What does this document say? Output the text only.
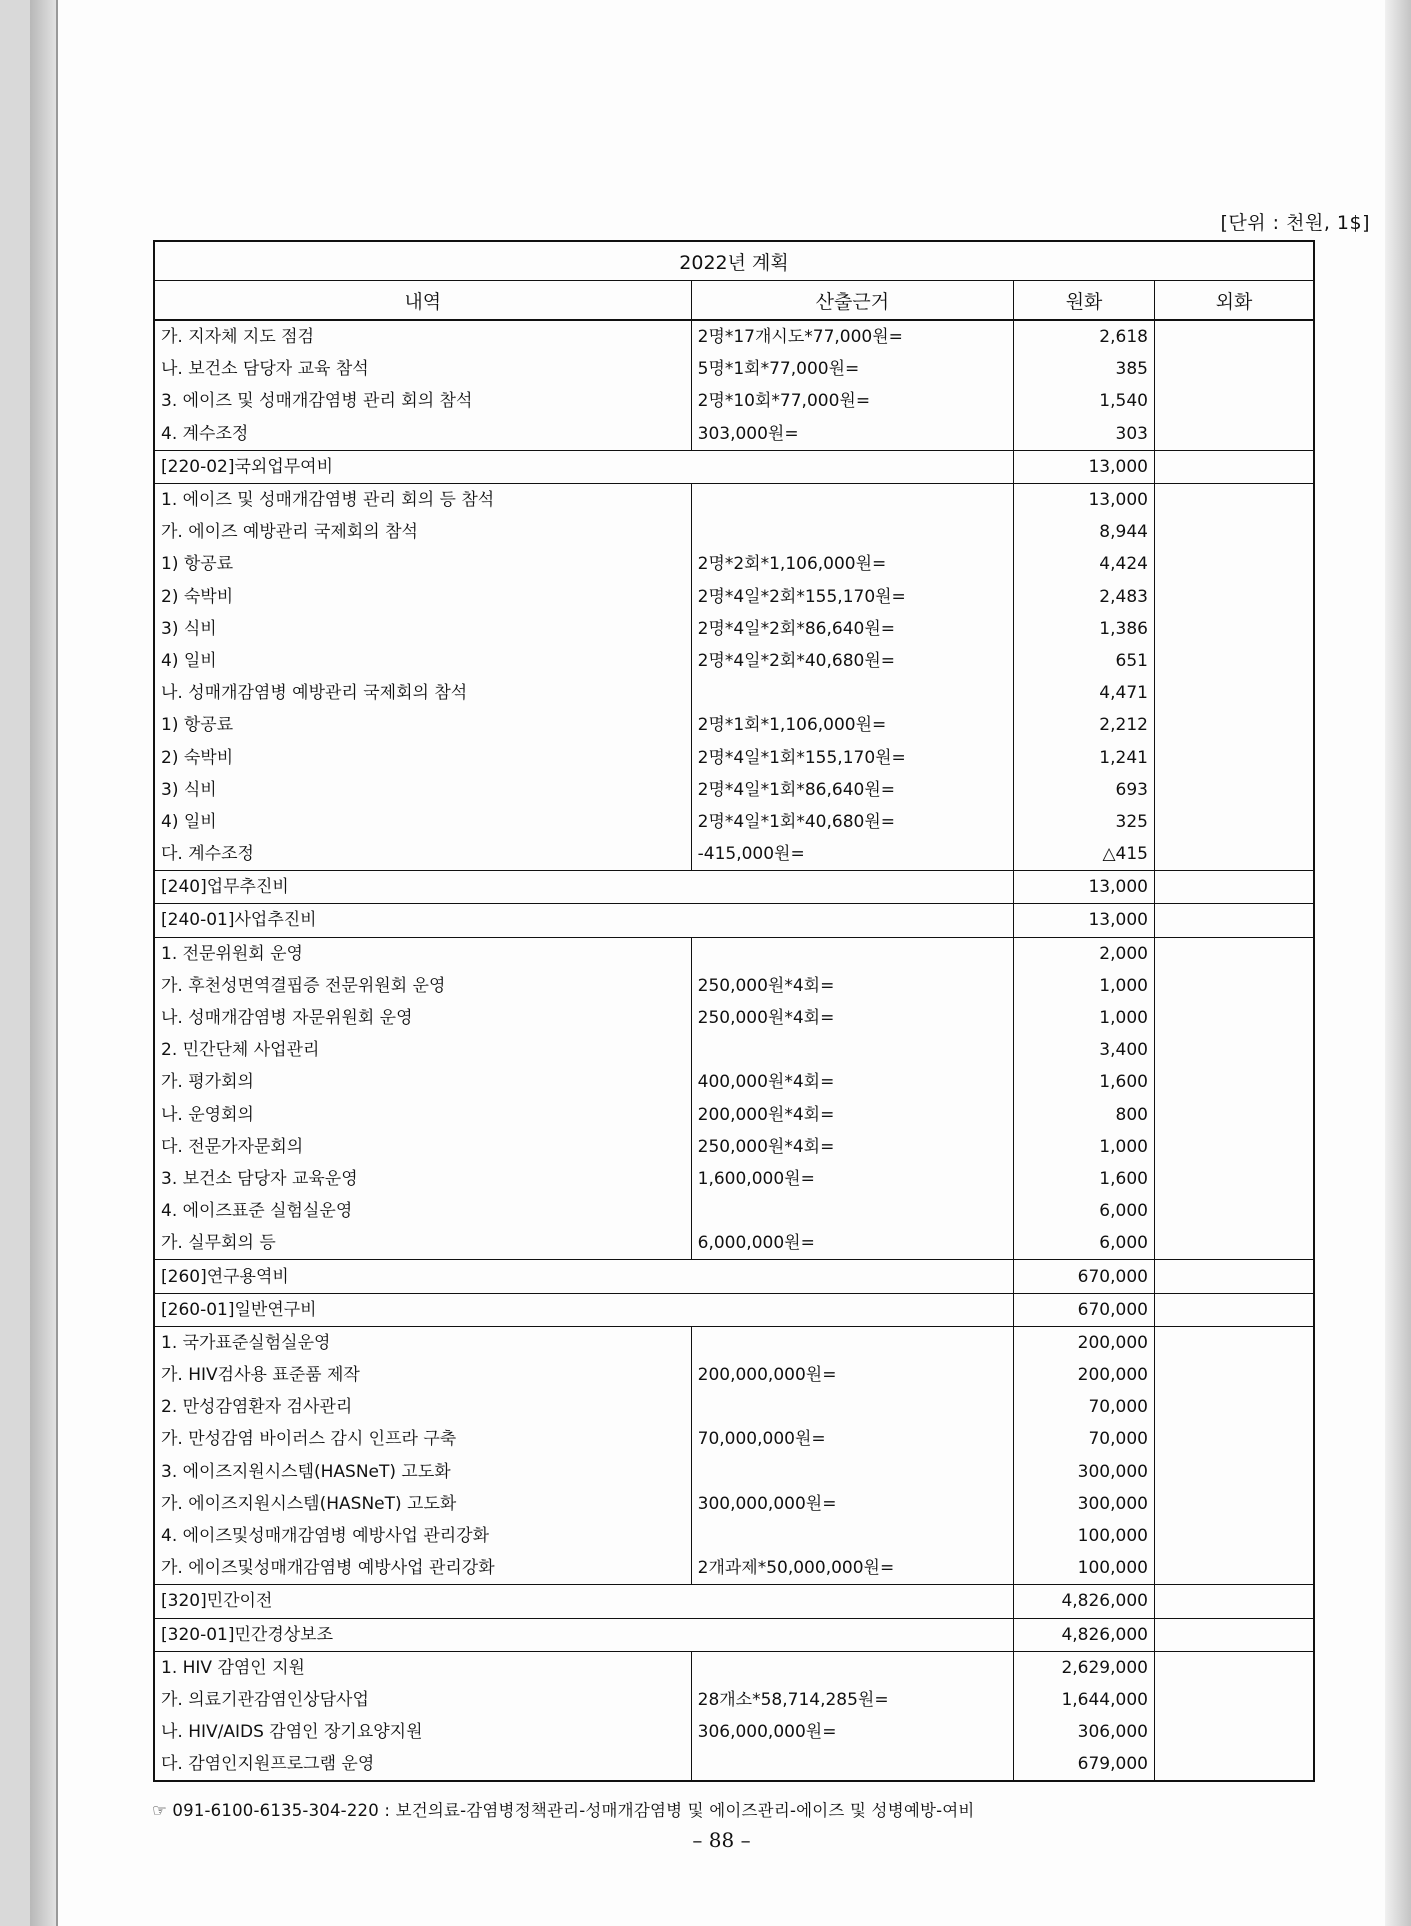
[단위 : 천원, 1$]
2022년 계획			
내역	산출근거	원화	외화
가. 지자체 지도 점검	2명*17개시도*77,000원=	2,618	
나. 보건소 담당자 교육 참석	5명*1회*77,000원=	385	
3. 에이즈 및 성매개감염병 관리 회의 참석	2명*10회*77,000원=	1,540	
4. 계수조정	303,000원=	303	
[220-02]국외업무여비		13,000	
1. 에이즈 및 성매개감염병 관리 회의 등 참석		13,000	
가. 에이즈 예방관리 국제회의 참석		8,944	
1) 항공료	2명*2회*1,106,000원=	4,424	
2) 숙박비	2명*4일*2회*155,170원=	2,483	
3) 식비	2명*4일*2회*86,640원=	1,386	
4) 일비	2명*4일*2회*40,680원=	651	
나. 성매개감염병 예방관리 국제회의 참석		4,471	
1) 항공료	2명*1회*1,106,000원=	2,212	
2) 숙박비	2명*4일*1회*155,170원=	1,241	
3) 식비	2명*4일*1회*86,640원=	693	
4) 일비	2명*4일*1회*40,680원=	325	
다. 계수조정	-415,000원=	△415	
[240]업무추진비		13,000	
[240-01]사업추진비		13,000	
1. 전문위원회 운영		2,000	
가. 후천성면역결핍증 전문위원회 운영	250,000원*4회=	1,000	
나. 성매개감염병 자문위원회 운영	250,000원*4회=	1,000	
2. 민간단체 사업관리		3,400	
가. 평가회의	400,000원*4회=	1,600	
나. 운영회의	200,000원*4회=	800	
다. 전문가자문회의	250,000원*4회=	1,000	
3. 보건소 담당자 교육운영	1,600,000원=	1,600	
4. 에이즈표준 실험실운영		6,000	
가. 실무회의 등	6,000,000원=	6,000	
[260]연구용역비		670,000	
[260-01]일반연구비		670,000	
1. 국가표준실험실운영		200,000	
가. HIV검사용 표준품 제작	200,000,000원=	200,000	
2. 만성감염환자 검사관리		70,000	
가. 만성감염 바이러스 감시 인프라 구축	70,000,000원=	70,000	
3. 에이즈지원시스템(HASNeT) 고도화		300,000	
가. 에이즈지원시스템(HASNeT) 고도화	300,000,000원=	300,000	
4. 에이즈및성매개감염병 예방사업 관리강화		100,000	
가. 에이즈및성매개감염병 예방사업 관리강화	2개과제*50,000,000원=	100,000	
[320]민간이전		4,826,000	
[320-01]민간경상보조		4,826,000	
1. HIV 감염인 지원		2,629,000	
가. 의료기관감염인상담사업	28개소*58,714,285원=	1,644,000	
나. HIV/AIDS 감염인 장기요양지원	306,000,000원=	306,000	
다. 감염인지원프로그램 운영		679,000	
☞ 091-6100-6135-304-220 : 보건의료-감염병정책관리-성매개감염병 및 에이즈관리-에이즈 및 성병예방-여비
– 88 –
